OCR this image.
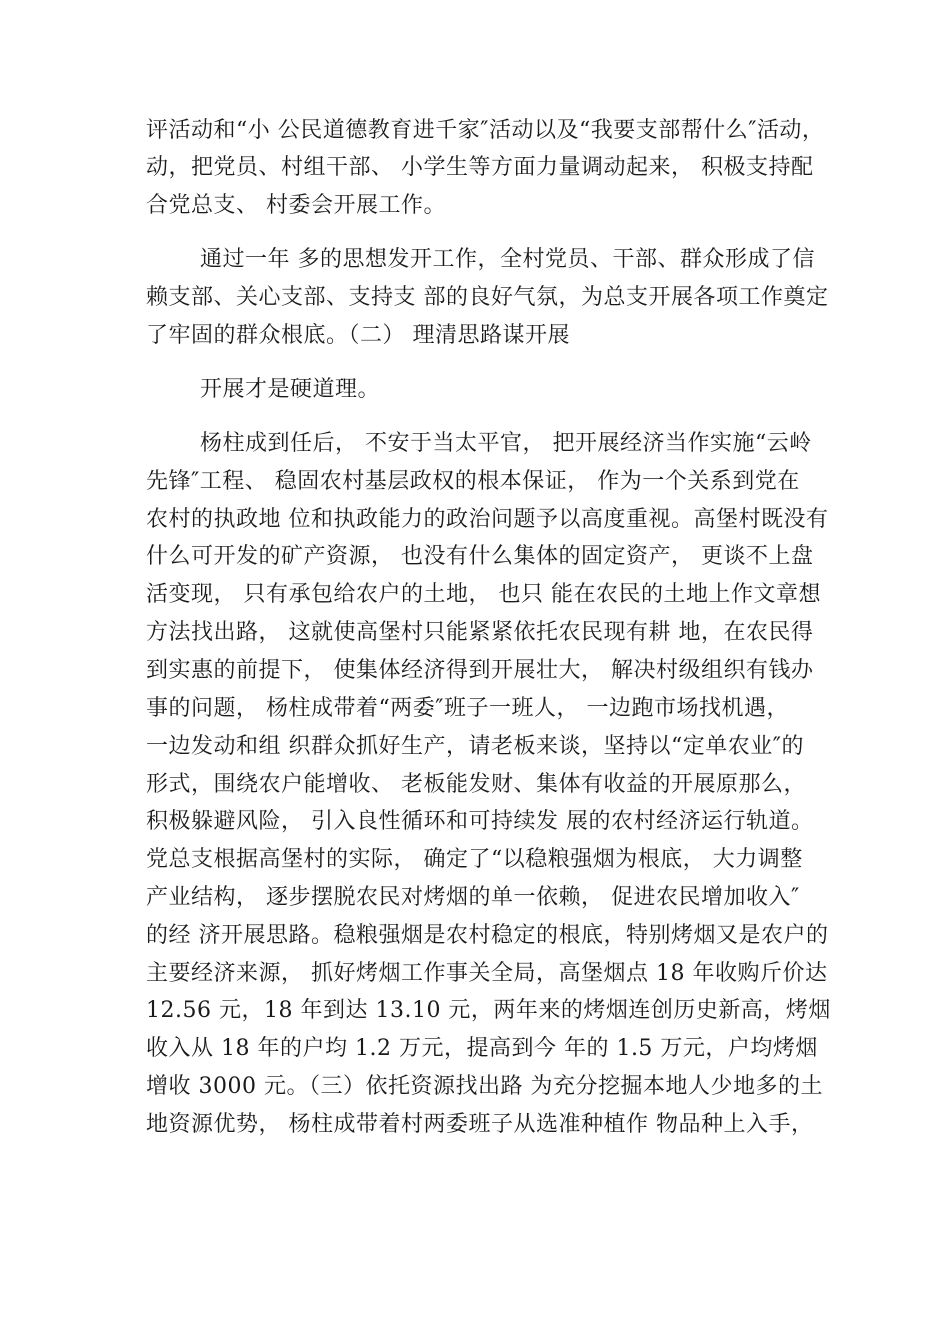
评活动和“小 公民道德教育进千家″活动以及“我要支部帮什么″活动，
动，把党员、村组干部、 小学生等方面力量调动起来， 积极支持配
合党总支、 村委会开展工作。
通过一年 多的思想发开工作，全村党员、干部、群众形成了信
赖支部、关心支部、支持支 部的良好气氛，为总支开展各项工作奠定
了牢固的群众根底。（二） 理清思路谋开展
开展才是硬道理。
杨柱成到任后， 不安于当太平官， 把开展经济当作实施“云岭
先锋″工程、 稳固农村基层政权的根本保证， 作为一个关系到党在
农村的执政地 位和执政能力的政治问题予以高度重视。高堡村既没有
什么可开发的矿产资源， 也没有什么集体的固定资产， 更谈不上盘
活变现， 只有承包给农户的土地， 也只 能在农民的土地上作文章想
方法找出路， 这就使高堡村只能紧紧依托农民现有耕 地，在农民得
到实惠的前提下， 使集体经济得到开展壮大， 解决村级组织有钱办
事的问题， 杨柱成带着“两委″班子一班人， 一边跑市场找机遇，
一边发动和组 织群众抓好生产，请老板来谈，坚持以“定单农业″的
形式，围绕农户能增收、 老板能发财、集体有收益的开展原那么，
积极躲避风险， 引入良性循环和可持续发 展的农村经济运行轨道。
党总支根据高堡村的实际， 确定了“以稳粮强烟为根底， 大力调整
产业结构， 逐步摆脱农民对烤烟的单一依赖， 促进农民增加收入″
的经 济开展思路。稳粮强烟是农村稳定的根底，特别烤烟又是农户的
主要经济来源， 抓好烤烟工作事关全局，高堡烟点 18 年收购斤价达
12.56 元，18 年到达 13.10 元，两年来的烤烟连创历史新高，烤烟
收入从 18 年的户均 1.2 万元，提高到今 年的 1.5 万元，户均烤烟
增收 3000 元。（三）依托资源找出路 为充分挖掘本地人少地多的土
地资源优势， 杨柱成带着村两委班子从选准种植作 物品种上入手，
